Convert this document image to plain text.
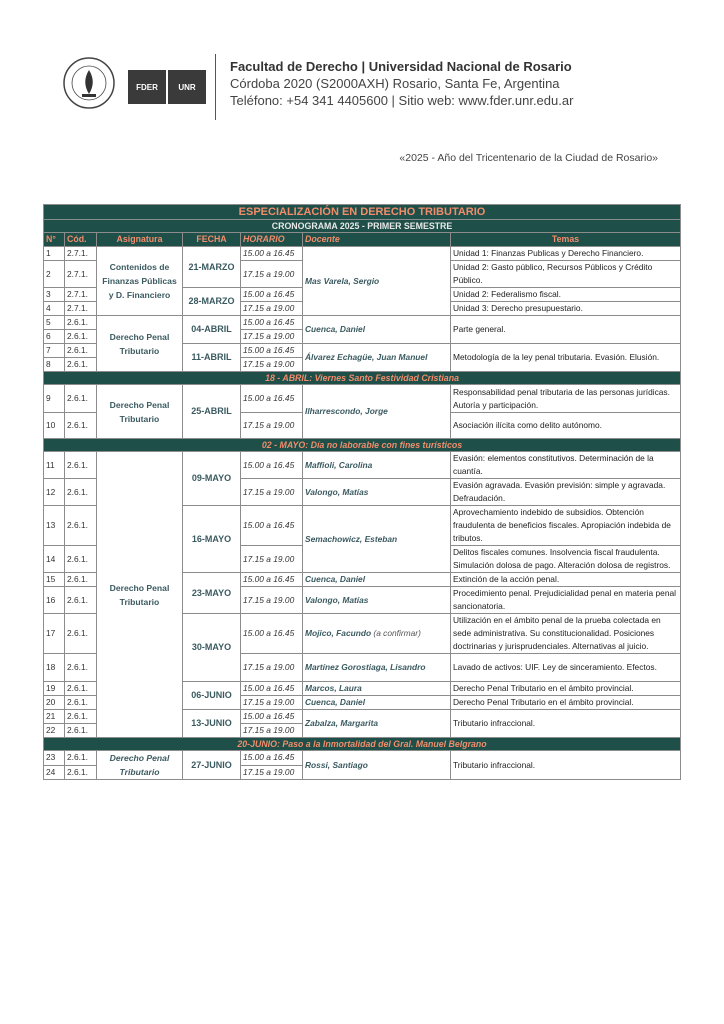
FDER	UNR
Facultad de Derecho | Universidad Nacional de Rosario
Córdoba 2020 (S2000AXH) Rosario, Santa Fe, Argentina
Teléfono: +54 341 4405600 | Sitio web: www.fder.unr.edu.ar
«2025 - Año del Tricentenario de la Ciudad de Rosario»
ESPECIALIZACIÓN EN DERECHO TRIBUTARIO						
CRONOGRAMA 2025 - PRIMER SEMESTRE						
N°	Cód.	Asignatura	FECHA	HORARIO	Docente	Temas
1	2.7.1.	Contenidos de Finanzas Públicas y D. Financiero	21-MARZO	15.00 a 16.45	Mas Varela, Sergio	Unidad 1: Finanzas Publicas y Derecho Financiero.
2	2.7.1.			17.15 a 19.00		Unidad 2: Gasto público, Recursos Públicos y Crédito Público.
3	2.7.1.		28-MARZO	15.00 a 16.45		Unidad 2: Federalismo fiscal.
4	2.7.1.			17.15 a 19.00		Unidad 3: Derecho presupuestario.
5	2.6.1.	Derecho Penal Tributario	04-ABRIL	15.00 a 16.45	Cuenca, Daniel	Parte general.
6	2.6.1.			17.15 a 19.00		
7	2.6.1.		11-ABRIL	15.00 a 16.45	Álvarez Echagüe, Juan Manuel	Metodología de la ley penal tributaria. Evasión. Elusión.
8	2.6.1.			17.15 a 19.00		
18 - ABRIL: Viernes Santo Festividad Cristiana						
9	2.6.1.	Derecho Penal Tributario	25-ABRIL	15.00 a 16.45	Ilharrescondo, Jorge	Responsabilidad penal tributaria de las personas jurídicas. Autoría y participación.
10	2.6.1.			17.15 a 19.00		Asociación ilícita como delito autónomo.
02 - MAYO: Día no laborable con fines turísticos						
11	2.6.1.	Derecho Penal Tributario	09-MAYO	15.00 a 16.45	Maffioli, Carolina	Evasión: elementos constitutivos. Determinación de la cuantía.
12	2.6.1.			17.15 a 19.00	Valongo, Matías	Evasión agravada. Evasión previsión: simple y agravada. Defraudación.
13	2.6.1.		16-MAYO	15.00 a 16.45	Semachowicz, Esteban	Aprovechamiento indebido de subsidios. Obtención fraudulenta de beneficios fiscales. Apropiación indebida de tributos.
14	2.6.1.			17.15 a 19.00		Delitos fiscales comunes. Insolvencia fiscal fraudulenta. Simulación dolosa de pago. Alteración dolosa de registros.
15	2.6.1.		23-MAYO	15.00 a 16.45	Cuenca, Daniel	Extinción de la acción penal.
16	2.6.1.			17.15 a 19.00	Valongo, Matías	Procedimiento penal. Prejudicialidad penal en materia penal sancionatoria.
17	2.6.1.		30-MAYO	15.00 a 16.45	Mojico, Facundo (a confirmar)	Utilización en el ámbito penal de la prueba colectada en sede administrativa. Su constitucionalidad. Posiciones doctrinarias y jurisprudenciales. Alternativas al juicio.
18	2.6.1.			17.15 a 19.00	Martínez Gorostiaga, Lisandro	Lavado de activos: UIF. Ley de sinceramiento. Efectos.
19	2.6.1.		06-JUNIO	15.00 a 16.45	Marcos, Laura	Derecho Penal Tributario en el ámbito provincial.
20	2.6.1.			17.15 a 19.00	Cuenca, Daniel	Derecho Penal Tributario en el ámbito provincial.
21	2.6.1.		13-JUNIO	15.00 a 16.45	Zabalza, Margarita	Tributario infraccional.
22	2.6.1.			17.15 a 19.00		
20-JUNIO: Paso a la Inmortalidad del Gral. Manuel Belgrano						
23	2.6.1.	Derecho Penal Tributario	27-JUNIO	15.00 a 16.45	Rossi, Santiago	Tributario infraccional.
24	2.6.1.			17.15 a 19.00		
